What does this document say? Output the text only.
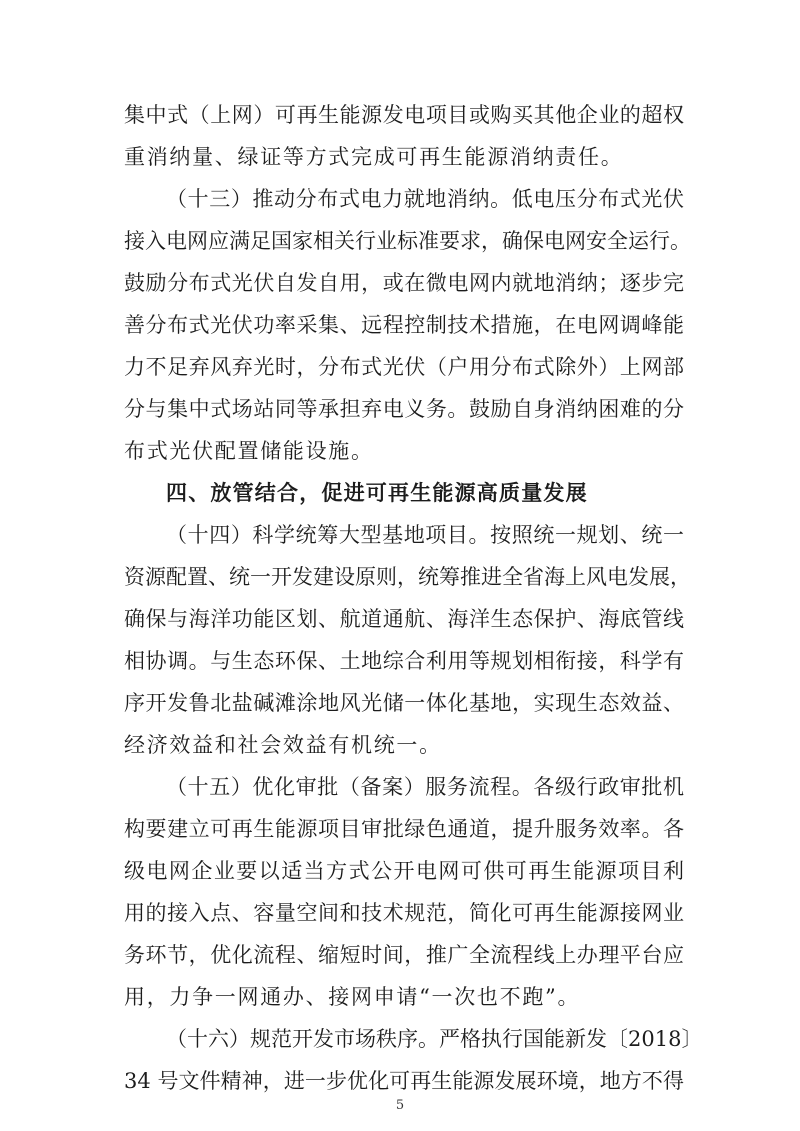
集中式（上网）可再生能源发电项目或购买其他企业的超权
重消纳量、绿证等方式完成可再生能源消纳责任。
（十三）推动分布式电力就地消纳。低电压分布式光伏
接入电网应满足国家相关行业标准要求，确保电网安全运行。
鼓励分布式光伏自发自用，或在微电网内就地消纳；逐步完
善分布式光伏功率采集、远程控制技术措施，在电网调峰能
力不足弃风弃光时，分布式光伏（户用分布式除外）上网部
分与集中式场站同等承担弃电义务。鼓励自身消纳困难的分
布式光伏配置储能设施。
四、放管结合，促进可再生能源高质量发展
（十四）科学统筹大型基地项目。按照统一规划、统一
资源配置、统一开发建设原则，统筹推进全省海上风电发展，
确保与海洋功能区划、航道通航、海洋生态保护、海底管线
相协调。与生态环保、土地综合利用等规划相衔接，科学有
序开发鲁北盐碱滩涂地风光储一体化基地，实现生态效益、
经济效益和社会效益有机统一。
（十五）优化审批（备案）服务流程。各级行政审批机
构要建立可再生能源项目审批绿色通道，提升服务效率。各
级电网企业要以适当方式公开电网可供可再生能源项目利
用的接入点、容量空间和技术规范，简化可再生能源接网业
务环节，优化流程、缩短时间，推广全流程线上办理平台应
用，力争一网通办、接网申请“一次也不跑”。
（十六）规范开发市场秩序。严格执行国能新发〔2018〕
34 号文件精神，进一步优化可再生能源发展环境，地方不得
5
